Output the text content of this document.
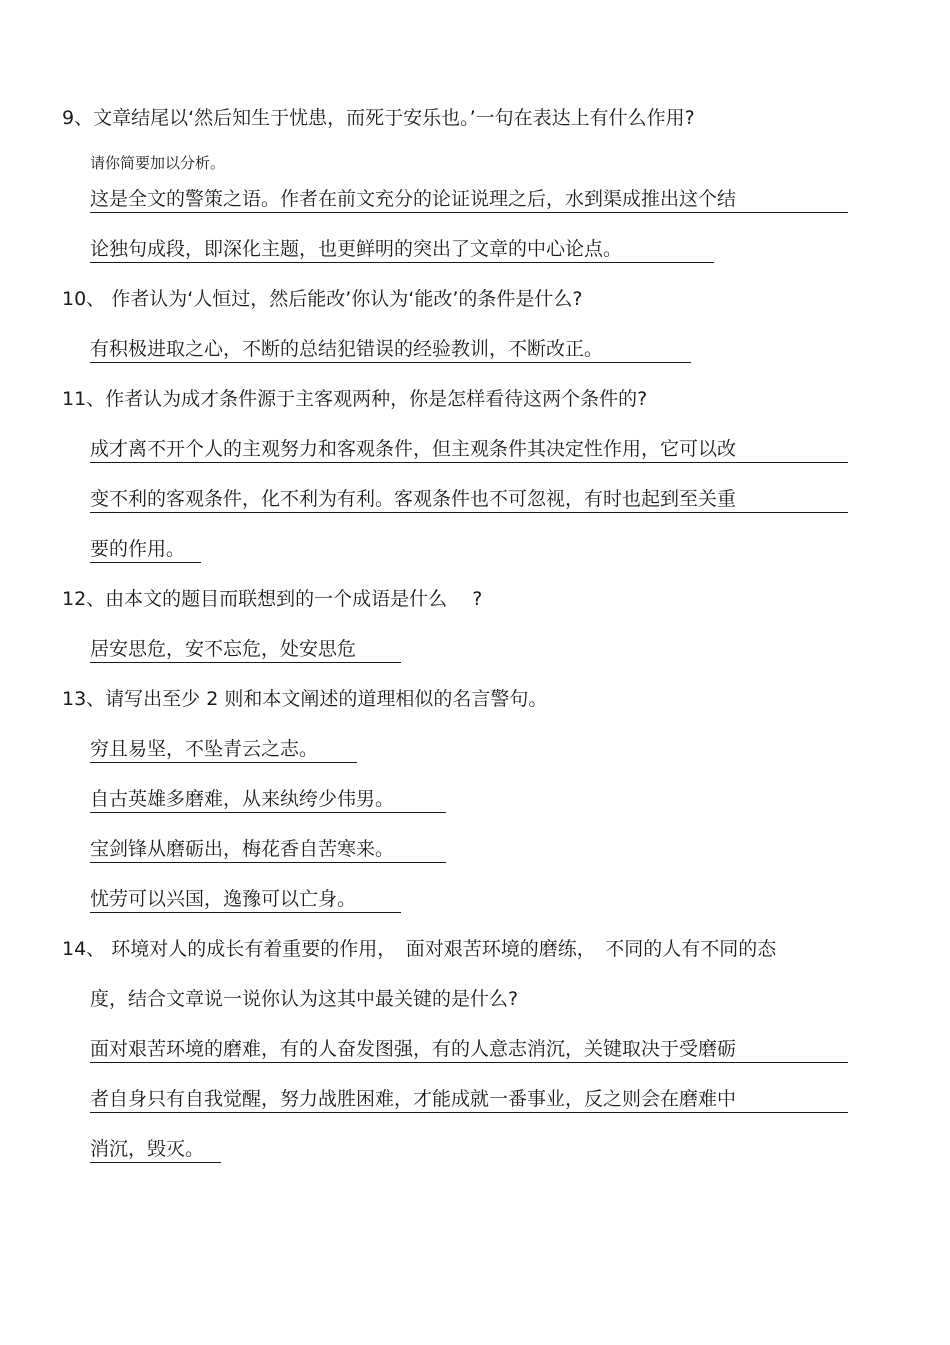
9、文章结尾以‘然后知生于忧患，而死于安乐也。’一句在表达上有什么作用?
请你简要加以分析。
这是全文的警策之语。作者在前文充分的论证说理之后，水到渠成推出这个结
论独句成段，即深化主题，也更鲜明的突出了文章的中心论点。
10、 作者认为‘人恒过，然后能改’你认为‘能改’的条件是什么?
有积极进取之心，不断的总结犯错误的经验教训，不断改正。
11、作者认为成才条件源于主客观两种，你是怎样看待这两个条件的?
成才离不开个人的主观努力和客观条件，但主观条件其决定性作用，它可以改
变不利的客观条件，化不利为有利。客观条件也不可忽视，有时也起到至关重
要的作用。
12、由本文的题目而联想到的一个成语是什么 　?
居安思危，安不忘危，处安思危
13、请写出至少 2 则和本文阐述的道理相似的名言警句。
穷且易坚，不坠青云之志。
自古英雄多磨难，从来纨绔少伟男。
宝剑锋从磨砺出，梅花香自苦寒来。
忧劳可以兴国，逸豫可以亡身。
14、 环境对人的成长有着重要的作用，　面对艰苦环境的磨练，　不同的人有不同的态
度，结合文章说一说你认为这其中最关键的是什么?
面对艰苦环境的磨难，有的人奋发图强，有的人意志消沉，关键取决于受磨砺
者自身只有自我觉醒，努力战胜困难，才能成就一番事业，反之则会在磨难中
消沉，毁灭。
